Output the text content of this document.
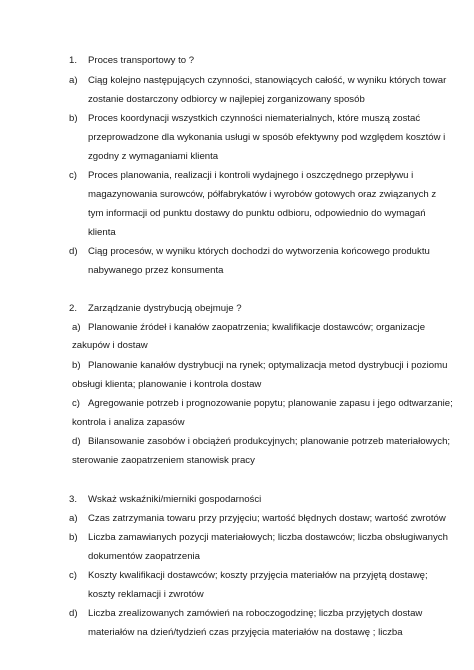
1. Proces transportowy to ?
a) Ciąg kolejno następujących czynności, stanowiących całość, w wyniku których towar
zostanie dostarczony odbiorcy w najlepiej zorganizowany sposób
b) Proces koordynacji wszystkich czynności niematerialnych, które muszą zostać
przeprowadzone dla wykonania usługi w sposób efektywny pod względem kosztów i
zgodny z wymaganiami klienta
c) Proces planowania, realizacji i kontroli wydajnego i oszczędnego przepływu i
magazynowania surowców, półfabrykatów i wyrobów gotowych oraz związanych z
tym informacji od punktu dostawy do punktu odbioru, odpowiednio do wymagań
klienta
d) Ciąg procesów, w wyniku których dochodzi do wytworzenia końcowego produktu
nabywanego przez konsumenta
2. Zarządzanie dystrybucją obejmuje ?
a) Planowanie źródeł i kanałów zaopatrzenia; kwalifikacje dostawców; organizacje
zakupów i dostaw
b) Planowanie kanałów dystrybucji na rynek; optymalizacja metod dystrybucji i poziomu
obsługi klienta; planowanie i kontrola dostaw
c) Agregowanie potrzeb i prognozowanie popytu; planowanie zapasu i jego odtwarzanie;
kontrola i analiza zapasów
d) Bilansowanie zasobów i obciążeń produkcyjnych; planowanie potrzeb materiałowych;
sterowanie zaopatrzeniem stanowisk pracy
3. Wskaż wskaźniki/mierniki gospodarności
a) Czas zatrzymania towaru przy przyjęciu; wartość błędnych dostaw; wartość zwrotów
b) Liczba zamawianych pozycji materiałowych; liczba dostawców; liczba obsługiwanych
dokumentów zaopatrzenia
c) Koszty kwalifikacji dostawców; koszty przyjęcia materiałów na przyjętą dostawę;
koszty reklamacji i zwrotów
d) Liczba zrealizowanych zamówień na roboczogodzinę; liczba przyjętych dostaw
materiałów na dzień/tydzień czas przyjęcia materiałów na dostawę ; liczba
